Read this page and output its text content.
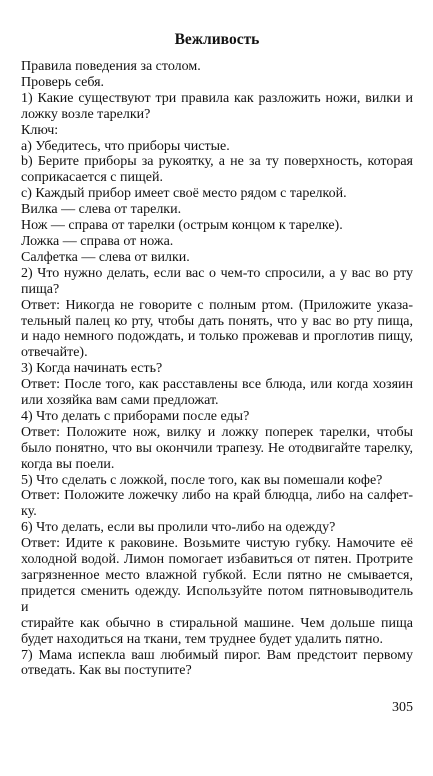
Вежливость

Правила поведения за столом.

Проверь себя.

1) Какие существуют три правила как разложить ножи, вилки и

ложку возле тарелки?

Ключ:

a) Убедитесь, что приборы чистые.

b) Берите приборы за рукоятку, а не за ту поверхность, которая

соприкасается с пищей.

c) Каждый прибор имеет своё место рядом с тарелкой.

Вилка — слева от тарелки.

Нож — справа от тарелки (острым концом к тарелке).

Ложка — справа от ножа.

Салфетка — слева от вилки.

2) Что нужно делать, если вас о чем-то спросили, а у вас во рту

пища?

Ответ: Никогда не говорите с полным ртом. (Приложите указа-

тельный палец ко рту, чтобы дать понять, что у вас во рту пища,

и надо немного подождать, и только прожевав и проглотив пищу,

отвечайте).

3) Когда начинать есть?

Ответ: После того, как расставлены все блюда, или когда хозяин

или хозяйка вам сами предложат.

4) Что делать с приборами после еды?

Ответ: Положите нож, вилку и ложку поперек тарелки, чтобы

было понятно, что вы окончили трапезу. Не отодвигайте тарелку,

когда вы поели.

5) Что сделать с ложкой, после того, как вы помешали кофе?

Ответ: Положите ложечку либо на край блюдца, либо на салфет-

ку.

6) Что делать, если вы пролили что-либо на одежду?

Ответ: Идите к раковине. Возьмите чистую губку. Намочите её

холодной водой. Лимон помогает избавиться от пятен. Протрите

загрязненное место влажной губкой. Если пятно не смывается,

придется сменить одежду. Используйте потом пятновыводитель и

стирайте как обычно в стиральной машине. Чем дольше пища

будет находиться на ткани, тем труднее будет удалить пятно.

7) Мама испекла ваш любимый пирог. Вам предстоит первому

отведать. Как вы поступите?

305
